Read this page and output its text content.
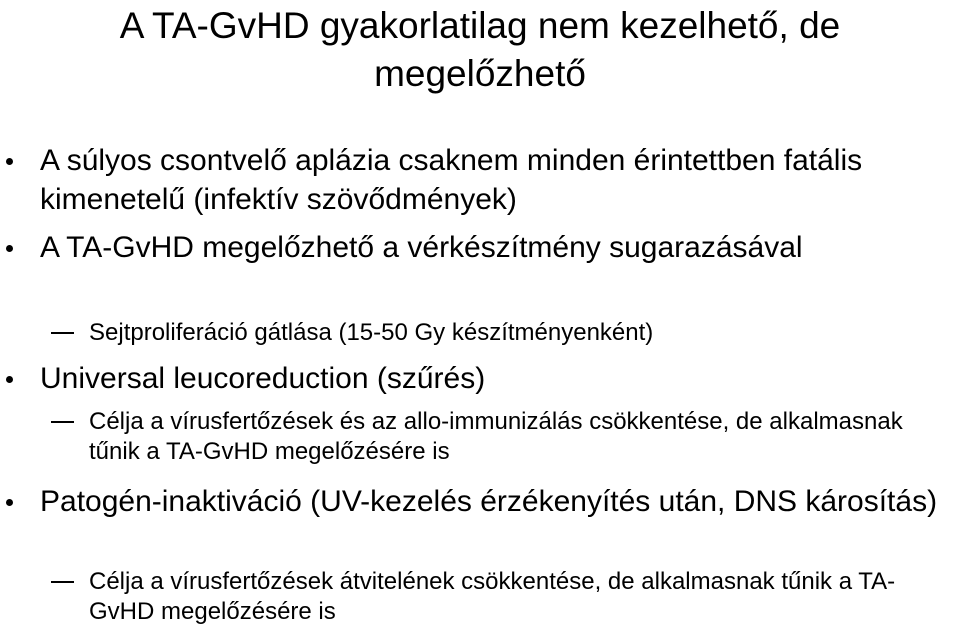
A TA-GvHD gyakorlatilag nem kezelhető, de
megelőzhető
A súlyos csontvelő aplázia csaknem minden érintettben fatális kimenetelű (infektív szövődmények)
A TA-GvHD megelőzhető a vérkészítmény sugarazásával
Sejtproliferáció gátlása (15-50 Gy készítményenként)
Universal leucoreduction (szűrés)
Célja a vírusfertőzések és az allo-immunizálás csökkentése, de alkalmasnak tűnik a TA-GvHD megelőzésére is
Patogén-inaktiváció (UV-kezelés érzékenyítés után, DNS károsítás)
Célja a vírusfertőzések átvitelének csökkentése, de alkalmasnak tűnik a TA-GvHD megelőzésére is
